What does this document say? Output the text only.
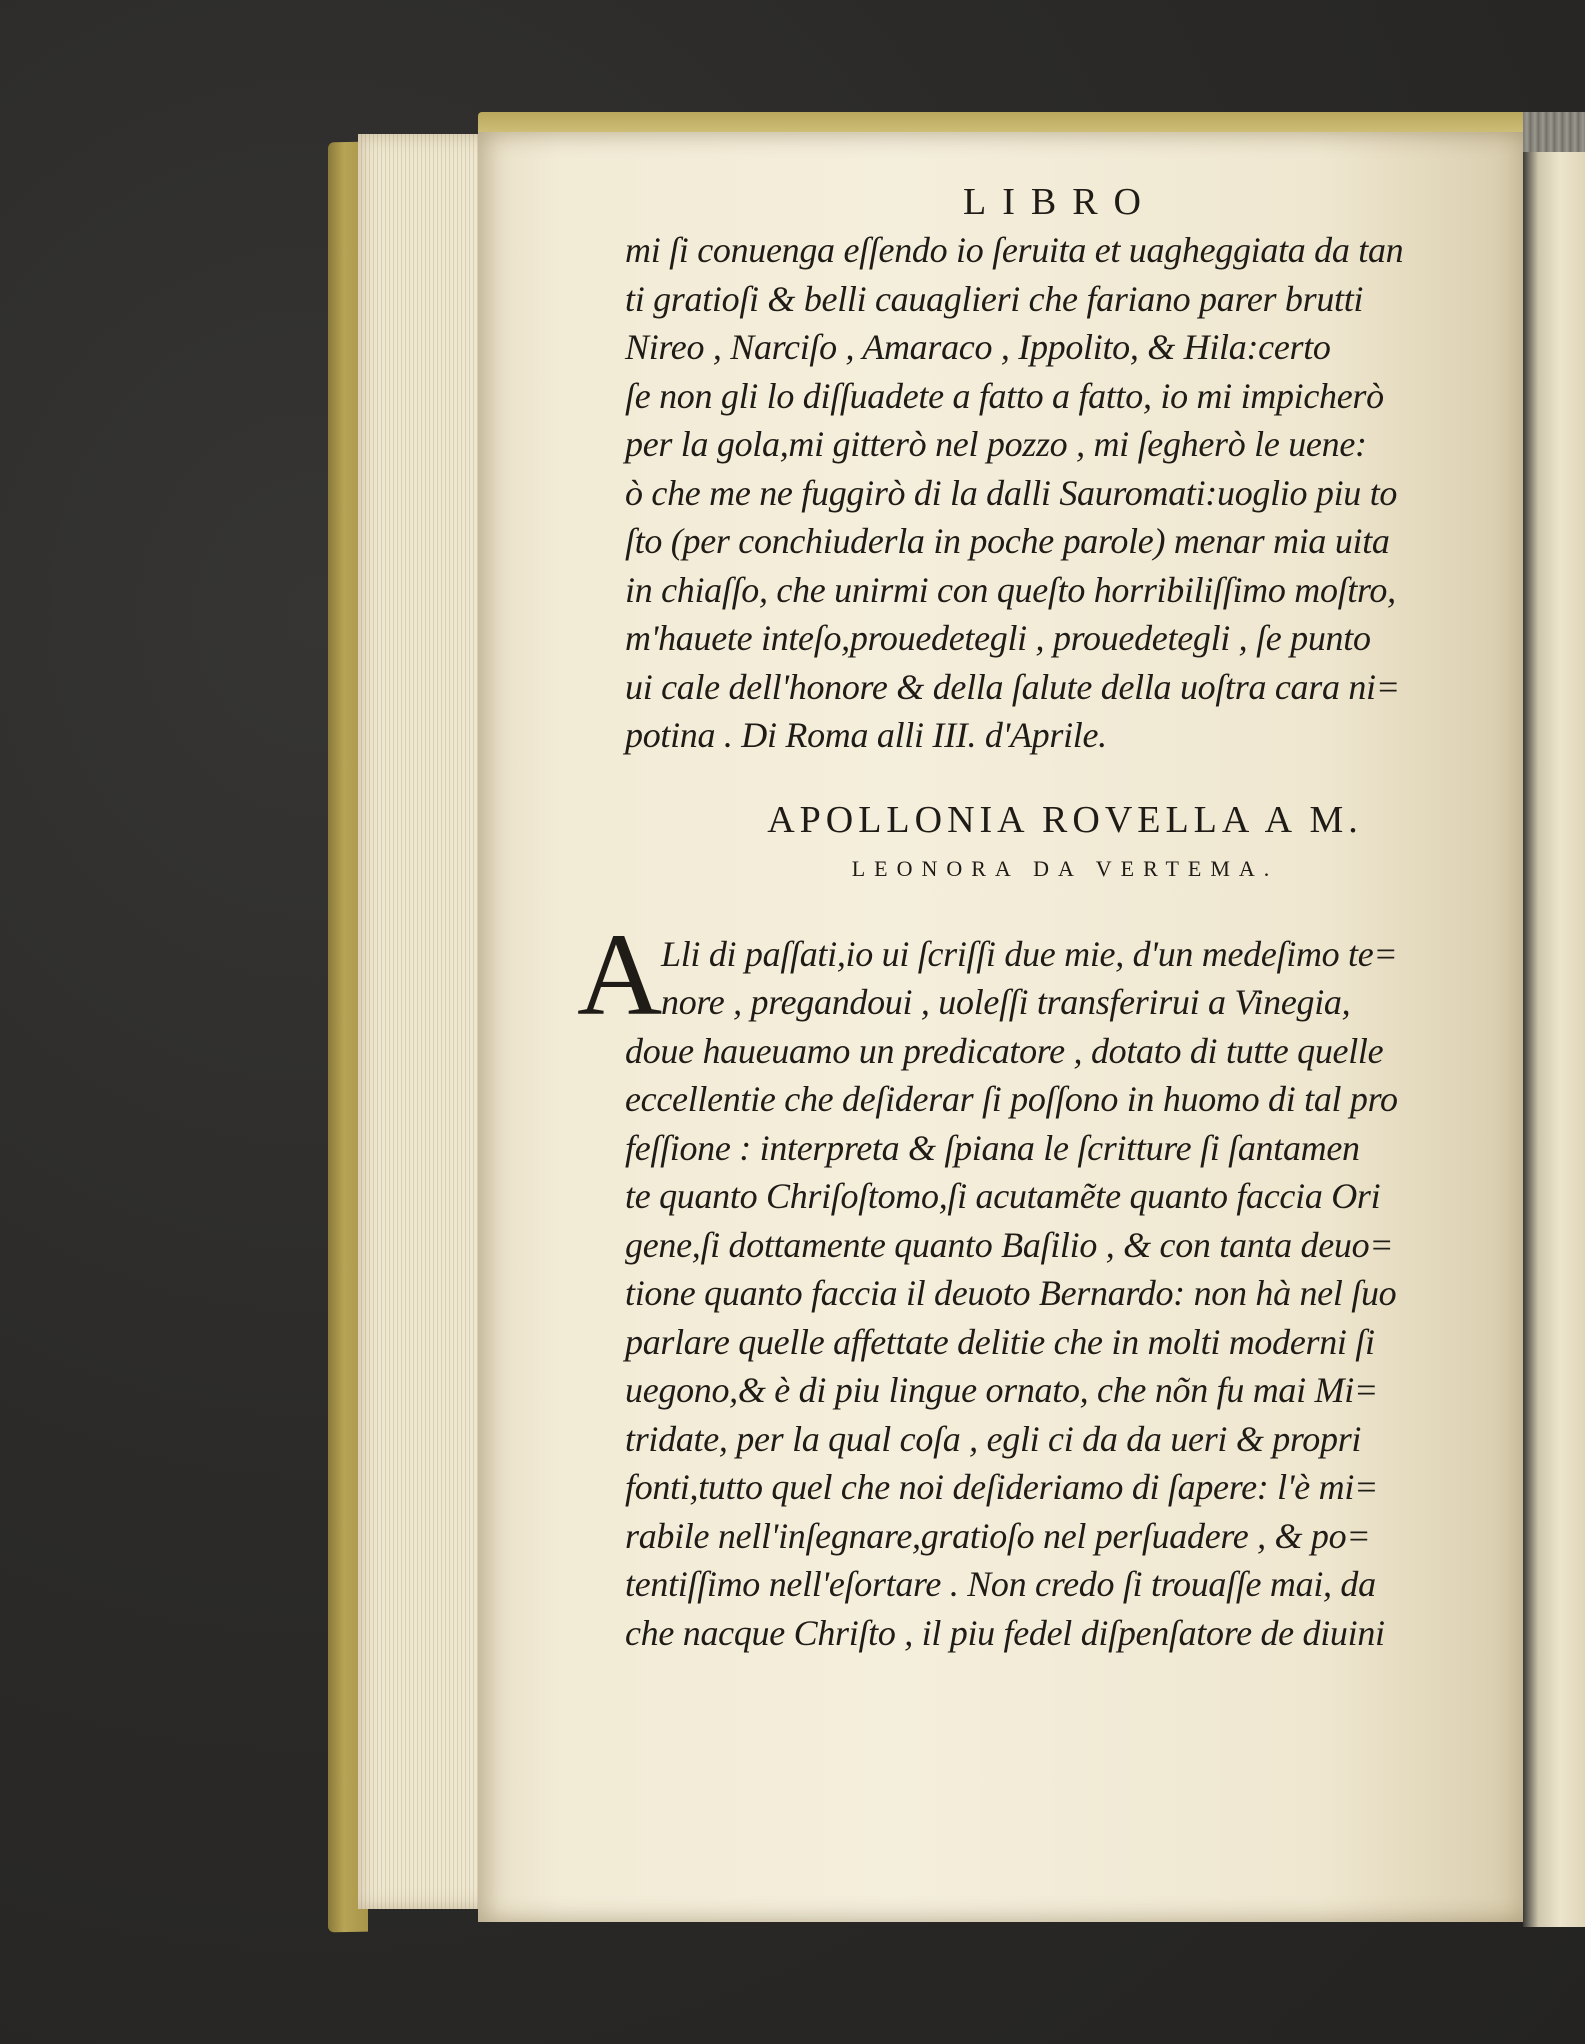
LIBRO
mi ſi conuenga eſſendo io ſeruita et uagheggiata da tan
ti gratioſi & belli cauaglieri che fariano parer brutti
Nireo , Narciſo , Amaraco , Ippolito, & Hila:certo
ſe non gli lo diſſuadete a fatto a fatto, io mi impicherò
per la gola,mi gitterò nel pozzo , mi ſegherò le uene:
ò che me ne fuggirò di la dalli Sauromati:uoglio piu to
ſto (per conchiuderla in poche parole) menar mia uita
in chiaſſo, che unirmi con queſto horribiliſſimo moſtro,
m'hauete inteſo,prouedetegli , prouedetegli , ſe punto
ui cale dell'honore & della ſalute della uoſtra cara ni=
potina . Di Roma alli III. d'Aprile.
APOLLONIA ROVELLA A M.
LEONORA DA VERTEMA.
A
Lli di paſſati,io ui ſcriſſi due mie, d'un medeſimo te=
nore , pregandoui , uoleſſi transferirui a Vinegia,
doue haueuamo un predicatore , dotato di tutte quelle
eccellentie che deſiderar ſi poſſono in huomo di tal pro
feſſione : interpreta & ſpiana le ſcritture ſi ſantamen
te quanto Chriſoſtomo,ſi acutamẽte quanto faccia Ori
gene,ſi dottamente quanto Baſilio , & con tanta deuo=
tione quanto faccia il deuoto Bernardo: non hà nel ſuo
parlare quelle affettate delitie che in molti moderni ſi
uegono,& è di piu lingue ornato, che nõn fu mai Mi=
tridate, per la qual coſa , egli ci da da ueri & propri
fonti,tutto quel che noi deſideriamo di ſapere: l'è mi=
rabile nell'inſegnare,gratioſo nel perſuadere , & po=
tentiſſimo nell'eſortare . Non credo ſi trouaſſe mai, da
che nacque Chriſto , il piu fedel diſpenſatore de diuini
